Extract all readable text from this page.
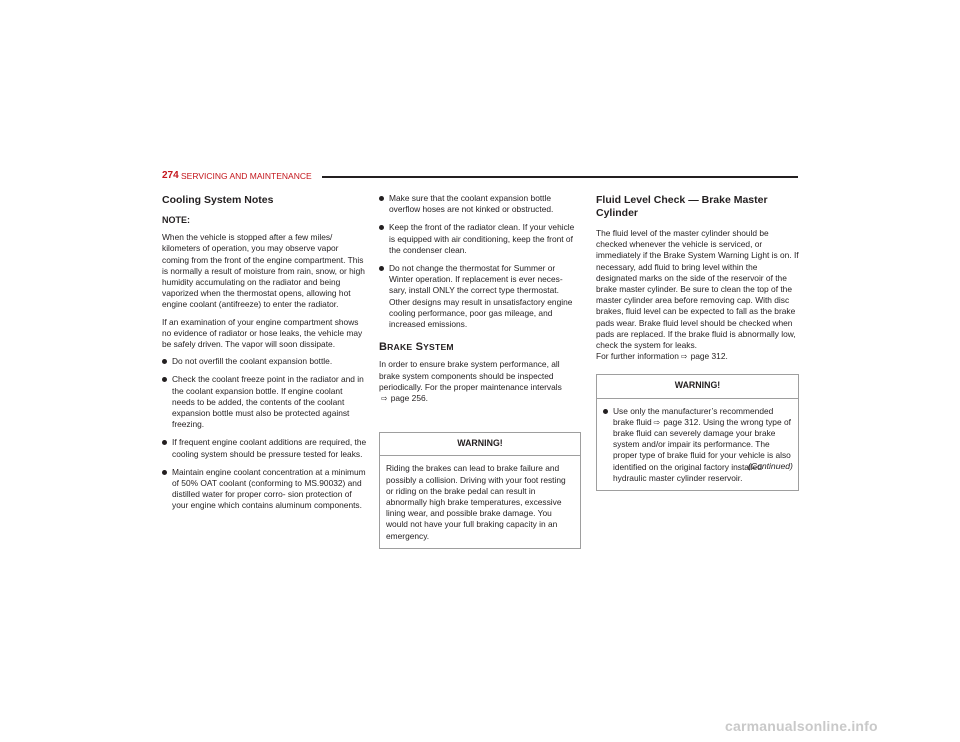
274 SERVICING AND MAINTENANCE
Cooling System Notes

NOTE:

When the vehicle is stopped after a few miles/ kilometers of operation, you may observe vapor coming from the front of the engine compartment. This is normally a result of moisture from rain, snow, or high humidity accumulating on the radiator and being vaporized when the thermostat opens, allowing hot engine coolant (antifreeze) to enter the radiator.

If an examination of your engine compartment shows no evidence of radiator or hose leaks, the vehicle may be safely driven. The vapor will soon dissipate.

Do not overfill the coolant expansion bottle.
Check the coolant freeze point in the radiator and in the coolant expansion bottle. If engine coolant needs to be added, the contents of the coolant expansion bottle must also be protected against freezing.
If frequent engine coolant additions are required, the cooling system should be pressure tested for leaks.
Maintain engine coolant concentration at a minimum of 50% OAT coolant (conforming to MS.90032) and distilled water for proper corro- sion protection of your engine which contains aluminum components.
Make sure that the coolant expansion bottle overflow hoses are not kinked or obstructed.
Keep the front of the radiator clean. If your vehicle is equipped with air conditioning, keep the front of the condenser clean.
Do not change the thermostat for Summer or Winter operation. If replacement is ever neces- sary, install ONLY the correct type thermostat. Other designs may result in unsatisfactory engine cooling performance, poor gas mileage, and increased emissions.
BRAKE SYSTEM

In order to ensure brake system performance, all brake system components should be inspected periodically. For the proper maintenance intervals
⇨ page 256.

WARNING!
Riding the brakes can lead to brake failure and possibly a collision. Driving with your foot resting or riding on the brake pedal can result in abnormally high brake temperatures, excessive lining wear, and possible brake damage. You would not have your full braking capacity in an emergency.
Fluid Level Check — Brake Master Cylinder

The fluid level of the master cylinder should be checked whenever the vehicle is serviced, or immediately if the Brake System Warning Light is on. If necessary, add fluid to bring level within the designated marks on the side of the reservoir of the brake master cylinder. Be sure to clean the top of the master cylinder area before removing cap. With disc brakes, fluid level can be expected to fall as the brake pads wear. Brake fluid level should be checked when pads are replaced. If the brake fluid is abnormally low, check the system for leaks.

For further information ⇨ page 312.

WARNING!
Use only the manufacturer’s recommended brake fluid ⇨ page 312. Using the wrong type of brake fluid can severely damage your brake system and/or impair its performance. The proper type of brake fluid for your vehicle is also identified on the original factory installed hydraulic master cylinder reservoir.
(Continued)
carmanualsonline.info
